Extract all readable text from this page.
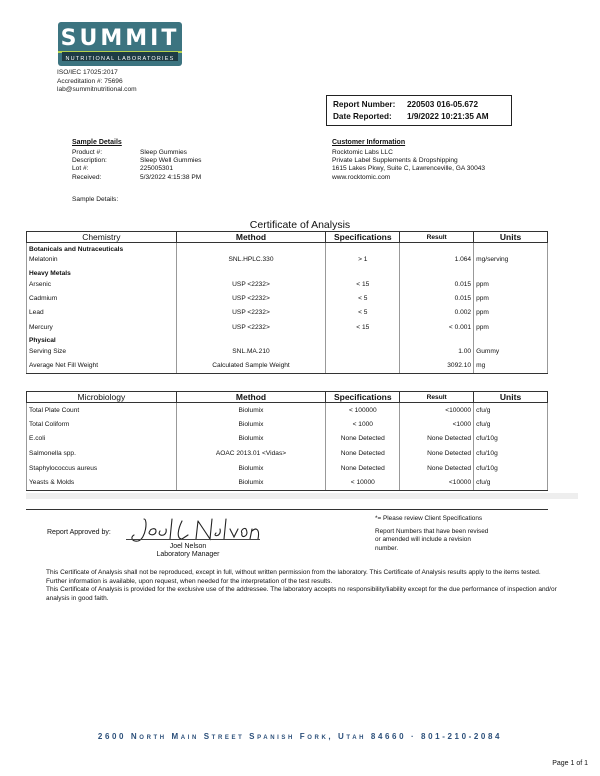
SUMMIT
NUTRITIONAL LABORATORIES
ISO/IEC 17025:2017
Accreditation #: 75696
lab@summitnutritional.com
Report Number:	220503 016-05.672
Date Reported:	1/9/2022 10:21:35 AM
Sample Details
Product #:	Sleep Gummies
Description:	Sleep Well Gummies
Lot #:	225005301
Received:	5/3/2022 4:15:38 PM
Customer Information
Rocktomic Labs LLC
Private Label Supplements & Dropshipping
1615 Lakes Pkwy, Suite C, Lawrenceville, GA 30043
www.rocktomic.com
Sample Details:
Certificate of Analysis
Chemistry	Method	Specifications	Result	Units
Botanicals and Nutraceuticals				
Melatonin	SNL.HPLC.330	> 1	1.064	mg/serving
Heavy Metals				
Arsenic	USP <2232>	< 15	0.015	ppm
Cadmium	USP <2232>	< 5	0.015	ppm
Lead	USP <2232>	< 5	0.002	ppm
Mercury	USP <2232>	< 15	< 0.001	ppm
Physical				
Serving Size	SNL.MA.210		1.00	Gummy
Average Net Fill Weight	Calculated Sample Weight		3092.10	mg
Microbiology	Method	Specifications	Result	Units
Total Plate Count	Biolumix	< 100000	<100000	cfu/g
Total Coliform	Biolumix	< 1000	<1000	cfu/g
E.coli	Biolumix	None Detected	None Detected	cfu/10g
Salmonella spp.	AOAC 2013.01 <Vidas>	None Detected	None Detected	cfu/10g
Staphylococcus aureus	Biolumix	None Detected	None Detected	cfu/10g
Yeasts & Molds	Biolumix	< 10000	<10000	cfu/g
Report Approved by:
Joel Nelson
Laboratory Manager
*= Please review Client Specifications
Report Numbers that have been revised or amended will include a revision number.
This Certificate of Analysis shall not be reproduced, except in full, without written permission from the laboratory. This Certificate of Analysis results apply to the items tested. Further information is available, upon request, when needed for the interpretation of the test results.
This Certificate of Analysis is provided for the exclusive use of the addressee. The laboratory accepts no responsibility/liability except for the due performance of inspection and/or analysis in good faith.
2600 North Main Street Spanish Fork, Utah 84660 · 801-210-2084
Page 1 of 1
